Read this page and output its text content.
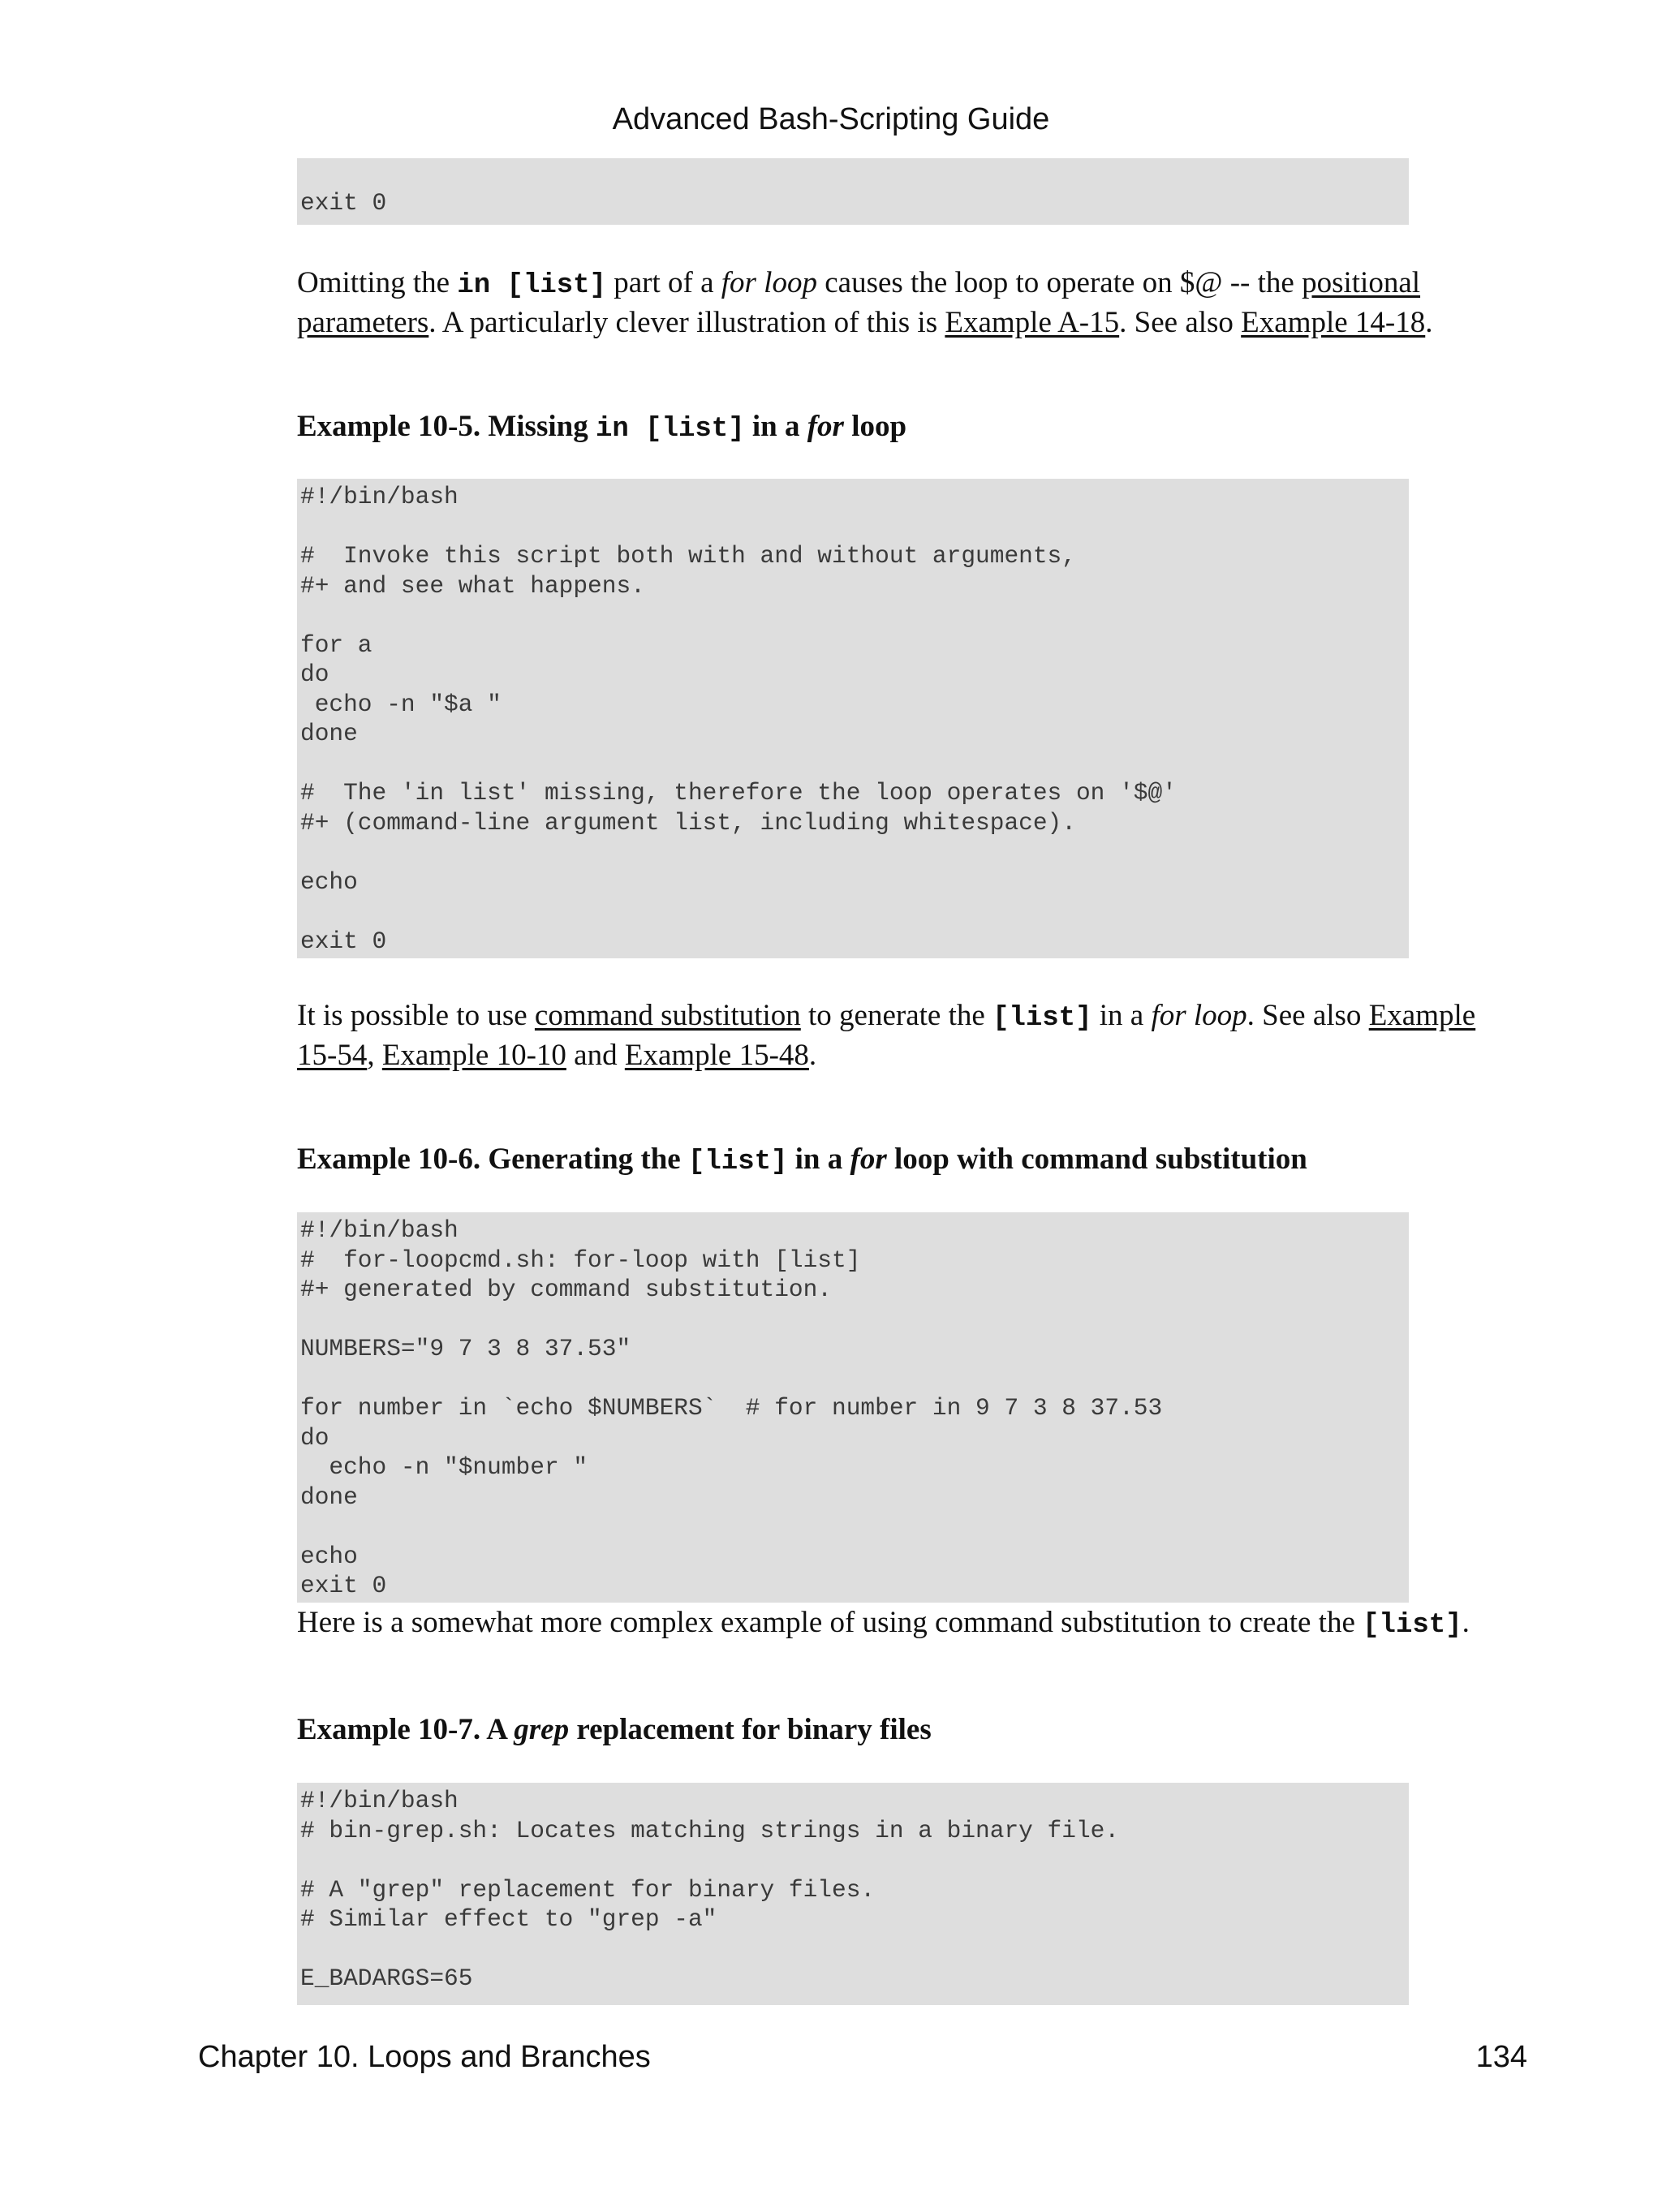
Advanced Bash-Scripting Guide

exit 0
Omitting the in [list] part of a for loop causes the loop to operate on $@ -- the positional parameters. A particularly clever illustration of this is Example A-15. See also Example 14-18.
Example 10-5. Missing in [list] in a for loop
#!/bin/bash

#  Invoke this script both with and without arguments,
#+ and see what happens.

for a
do
echo -n "$a "
done

#  The 'in list' missing, therefore the loop operates on '$@'
#+ (command-line argument list, including whitespace).

echo

exit 0
It is possible to use command substitution to generate the [list] in a for loop. See also Example 15-54, Example 10-10 and Example 15-48.
Example 10-6. Generating the [list] in a for loop with command substitution
#!/bin/bash
#  for-loopcmd.sh: for-loop with [list]
#+ generated by command substitution.

NUMBERS="9 7 3 8 37.53"

for number in `echo $NUMBERS`  # for number in 9 7 3 8 37.53
do
echo -n "$number "
done

echo
exit 0
Here is a somewhat more complex example of using command substitution to create the [list].
Example 10-7. A grep replacement for binary files
#!/bin/bash
# bin-grep.sh: Locates matching strings in a binary file.

# A "grep" replacement for binary files.
# Similar effect to "grep -a"

E_BADARGS=65
Chapter 10. Loops and Branches	134
